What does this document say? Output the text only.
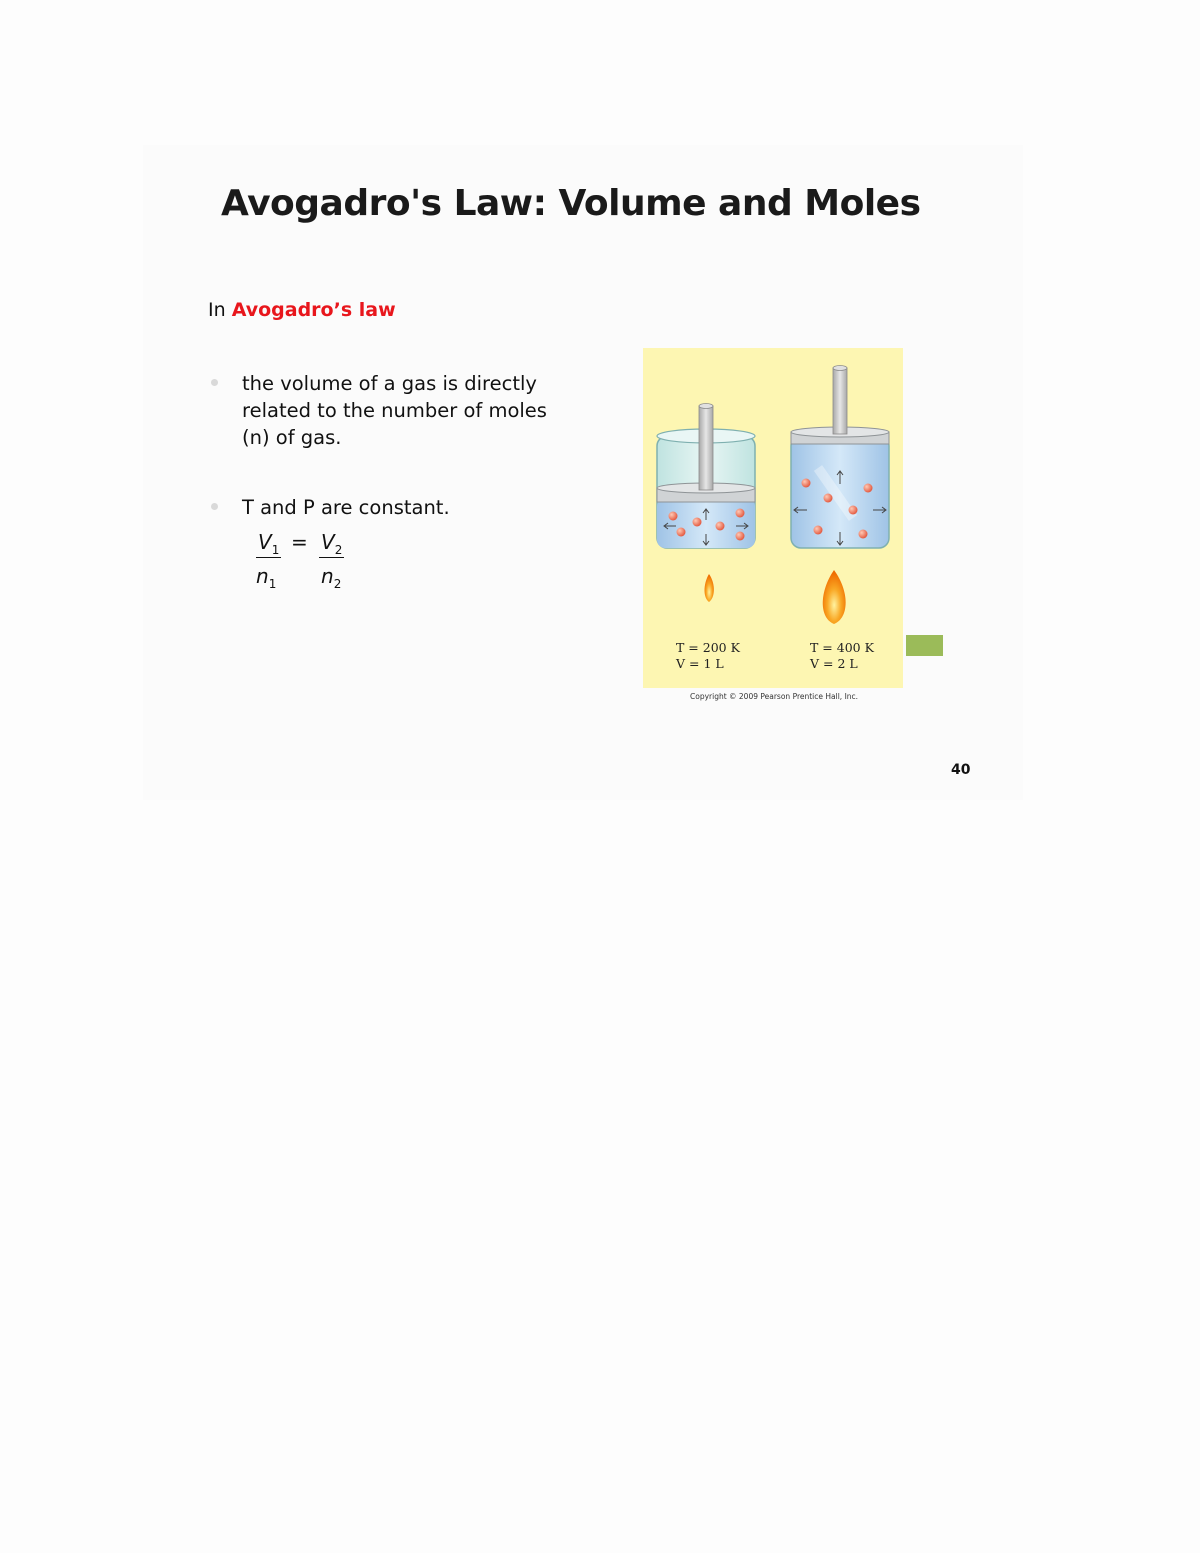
Avogadro's Law: Volume and Moles
In Avogadro’s law
the volume of a gas is directly related to the number of moles (n) of gas.
T and P are constant.
$V_1 = V_2$
$n_1$ $n_2$
T = 200 K
V = 1 L
T = 400 K
V = 2 L
Copyright © 2009 Pearson Prentice Hall, Inc.
40
